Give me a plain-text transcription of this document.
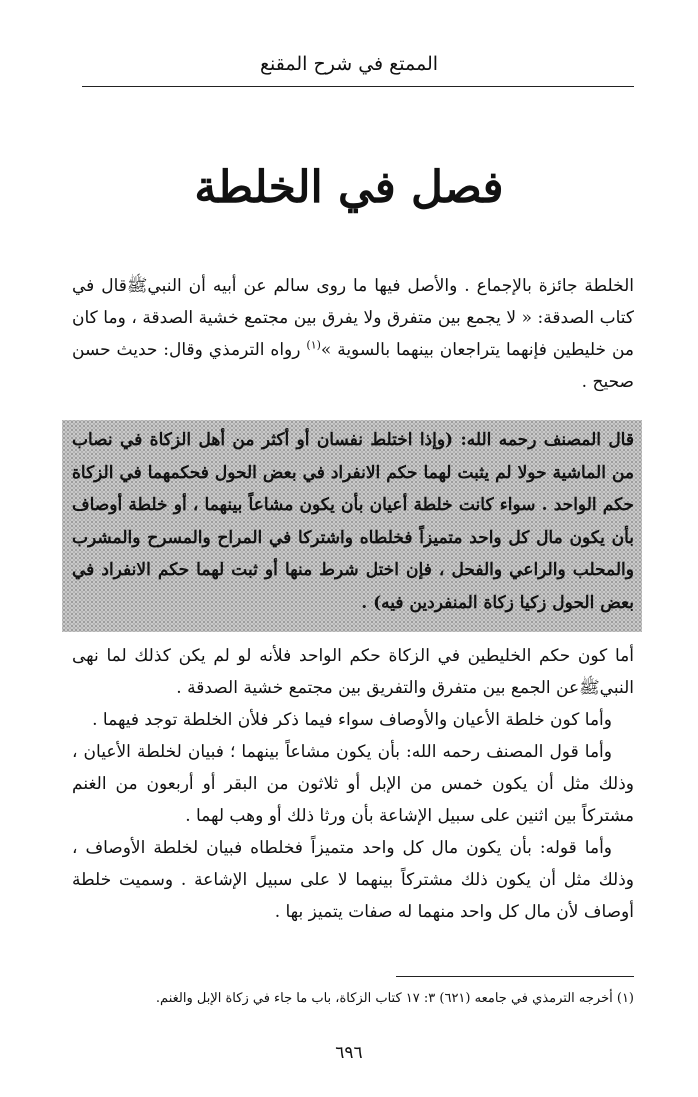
الممتع في شرح المقنع
فصل في الخلطة
الخلطة جائزة بالإجماع . والأصل فيها ما روى سالم عن أبيه أن النبيﷺقال في كتاب الصدقة: « لا يجمع بين متفرق ولا يفرق بين مجتمع خشية الصدقة ، وما كان من خليطين فإنهما يتراجعان بينهما بالسوية »$^{(١)}$ رواه الترمذي وقال: حديث حسن صحيح .
قال المصنف رحمه الله: (وإذا اختلط نفسان أو أكثر من أهل الزكاة في نصاب من الماشية حولا لم يثبت لهما حكم الانفراد في بعض الحول فحكمهما في الزكاة حكم الواحد . سواء كانت خلطة أعيان بأن يكون مشاعاً بينهما ، أو خلطة أوصاف بأن يكون مال كل واحد متميزاً فخلطاه واشتركا في المراح والمسرح والمشرب والمحلب والراعي والفحل ، فإن اختل شرط منها أو ثبت لهما حكم الانفراد في بعض الحول زكيا زكاة المنفردين فيه) .

أما كون حكم الخليطين في الزكاة حكم الواحد فلأنه لو لم يكن كذلك لما نهى النبيﷺعن الجمع بين متفرق والتفريق بين مجتمع خشية الصدقة .

وأما كون خلطة الأعيان والأوصاف سواء فيما ذكر فلأن الخلطة توجد فيهما .

وأما قول المصنف رحمه الله: بأن يكون مشاعاً بينهما ؛ فبيان لخلطة الأعيان ، وذلك مثل أن يكون خمس من الإبل أو ثلاثون من البقر أو أربعون من الغنم مشتركاً بين اثنين على سبيل الإشاعة بأن ورثا ذلك أو وهب لهما .

وأما قوله: بأن يكون مال كل واحد متميزاً فخلطاه فبيان لخلطة الأوصاف ، وذلك مثل أن يكون ذلك مشتركاً بينهما لا على سبيل الإشاعة . وسميت خلطة أوصاف لأن مال كل واحد منهما له صفات يتميز بها .

(١) أخرجه الترمذي في جامعه (٦٢١) ٣: ١٧ كتاب الزكاة، باب ما جاء في زكاة الإبل والغنم.
٦٩٦
